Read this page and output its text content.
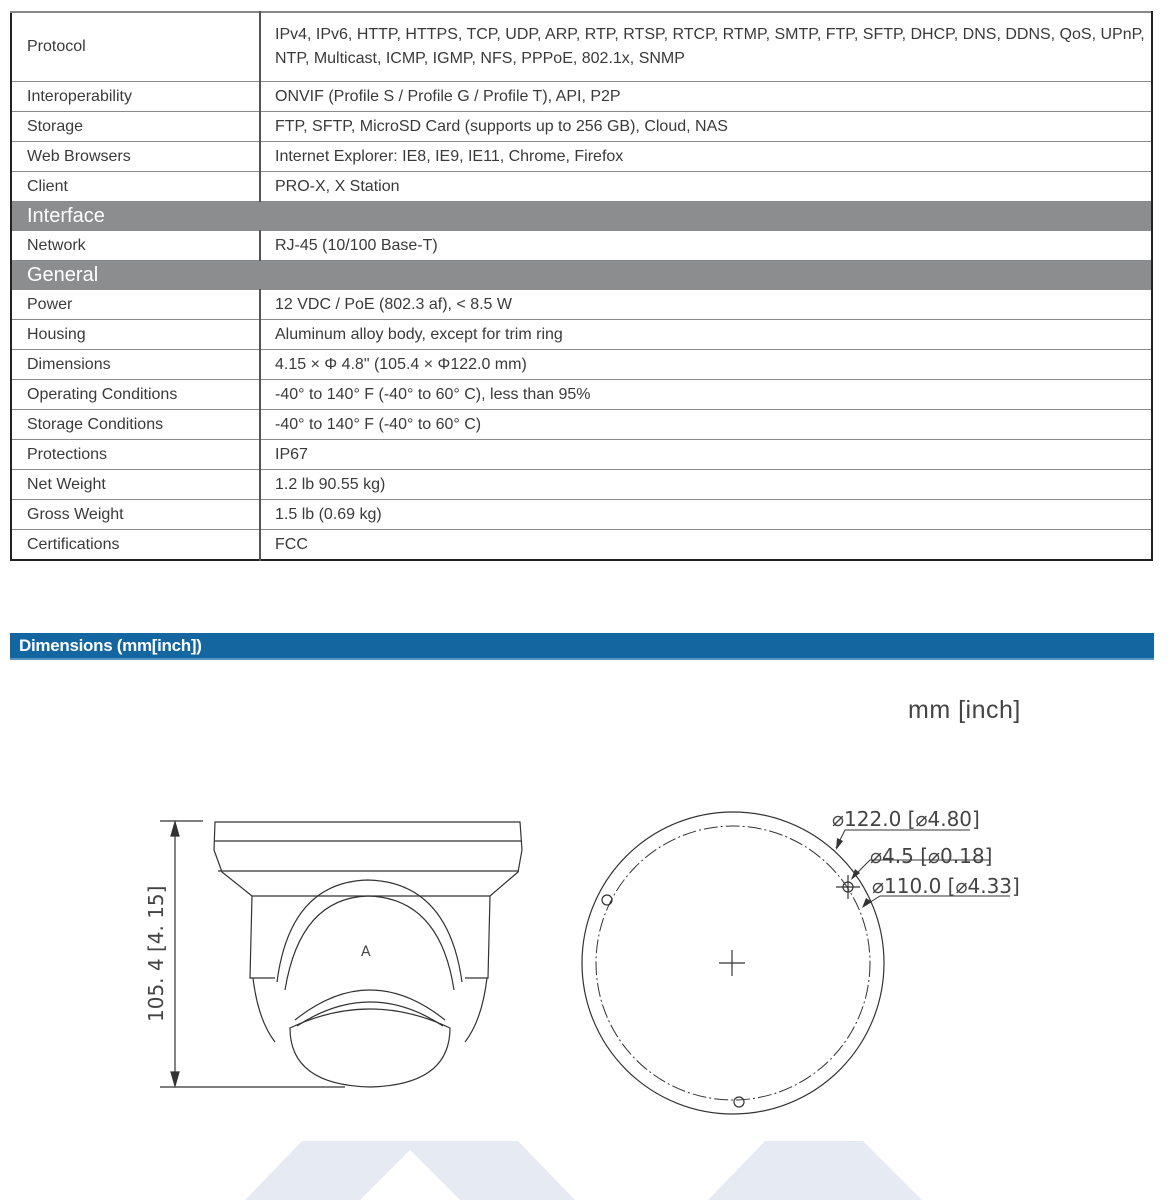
Protocol	IPv4, IPv6, HTTP, HTTPS, TCP, UDP, ARP, RTP, RTSP, RTCP, RTMP, SMTP, FTP, SFTP, DHCP, DNS, DDNS, QoS, UPnP,
NTP, Multicast, ICMP, IGMP, NFS, PPPoE, 802.1x, SNMP
Interoperability	ONVIF (Profile S / Profile G / Profile T), API, P2P
Storage	FTP, SFTP, MicroSD Card (supports up to 256 GB), Cloud, NAS
Web Browsers	Internet Explorer: IE8, IE9, IE11, Chrome, Firefox
Client	PRO-X, X Station
Interface	
Network	RJ-45 (10/100 Base-T)
General	
Power	12 VDC / PoE (802.3 af), < 8.5 W
Housing	Aluminum alloy body, except for trim ring
Dimensions	4.15 × Φ 4.8" (105.4 × Φ122.0 mm)
Operating Conditions	-40° to 140° F (-40° to 60° C), less than 95%
Storage Conditions	-40° to 140° F (-40° to 60° C)
Protections	IP67
Net Weight	1.2 lb 90.55 kg)
Gross Weight	1.5 lb (0.69 kg)
Certifications	FCC
Dimensions (mm[inch])
mm [inch]
105. 4 [4. 15]	A
⌀122.0 [⌀4.80]
⌀4.5 [⌀0.18]
⌀110.0 [⌀4.33]
